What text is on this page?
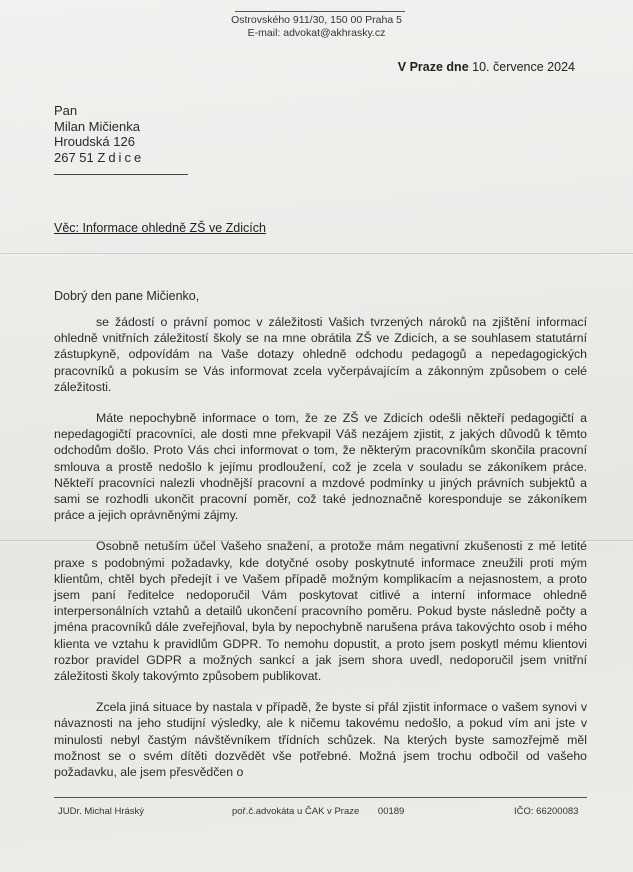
Ostrovského 911/30, 150 00 Praha 5
E-mail: advokat@akhrasky.cz
V Praze dne 10. července 2024
Pan
Milan Mičienka
Hroudská 126
267 51 Zdice
Věc: Informace ohledně ZŠ ve Zdicích
Dobrý den pane Mičienko,

se žádostí o právní pomoc v záležitosti Vašich tvrzených nároků na zjištění informací ohledně vnitřních záležitostí školy se na mne obrátila ZŠ ve Zdicích, a se souhlasem statutární zástupkyně, odpovídám na Vaše dotazy ohledně odchodu pedagogů a nepedagogických pracovníků a pokusím se Vás informovat zcela vyčerpávajícím a zákonným způsobem o celé záležitosti.

Máte nepochybně informace o tom, že ze ZŠ ve Zdicích odešli někteří pedagogičtí a nepedagogičtí pracovníci, ale dosti mne překvapil Váš nezájem zjistit, z jakých důvodů k těmto odchodům došlo. Proto Vás chci informovat o tom, že některým pracovníkům skončila pracovní smlouva a prostě nedošlo k jejímu prodloužení, což je zcela v souladu se zákoníkem práce. Někteří pracovníci nalezli vhodnější pracovní a mzdové podmínky u jiných právních subjektů a sami se rozhodli ukončit pracovní poměr, což také jednoznačně koresponduje se zákoníkem práce a jejich oprávněnými zájmy.

Osobně netuším účel Vašeho snažení, a protože mám negativní zkušenosti z mé letité praxe s podobnými požadavky, kde dotyčné osoby poskytnuté informace zneužili proti mým klientům, chtěl bych předejít i ve Vašem případě možným komplikacím a nejasnostem, a proto jsem paní ředitelce nedoporučil Vám poskytovat citlivé a interní informace ohledně interpersonálních vztahů a detailů ukončení pracovního poměru. Pokud byste následně počty a jména pracovníků dále zveřejňoval, byla by nepochybně narušena práva takovýchto osob i mého klienta ve vztahu k pravidlům GDPR. To nemohu dopustit, a proto jsem poskytl mému klientovi rozbor pravidel GDPR a možných sankcí a jak jsem shora uvedl, nedoporučil jsem vnitřní záležitosti školy takovýmto způsobem publikovat.

Zcela jiná situace by nastala v případě, že byste si přál zjistit informace o vašem synovi v návaznosti na jeho studijní výsledky, ale k ničemu takovému nedošlo, a pokud vím ani jste v minulosti nebyl častým návštěvníkem třídních schůzek. Na kterých byste samozřejmě měl možnost se o svém dítěti dozvědět vše potřebné. Možná jsem trochu odbočil od vašeho požadavku, ale jsem přesvědčen o

JUDr. Michal Hráský	poř.č.advokáta u ČAK v Praze 00189	IČO: 66200083
